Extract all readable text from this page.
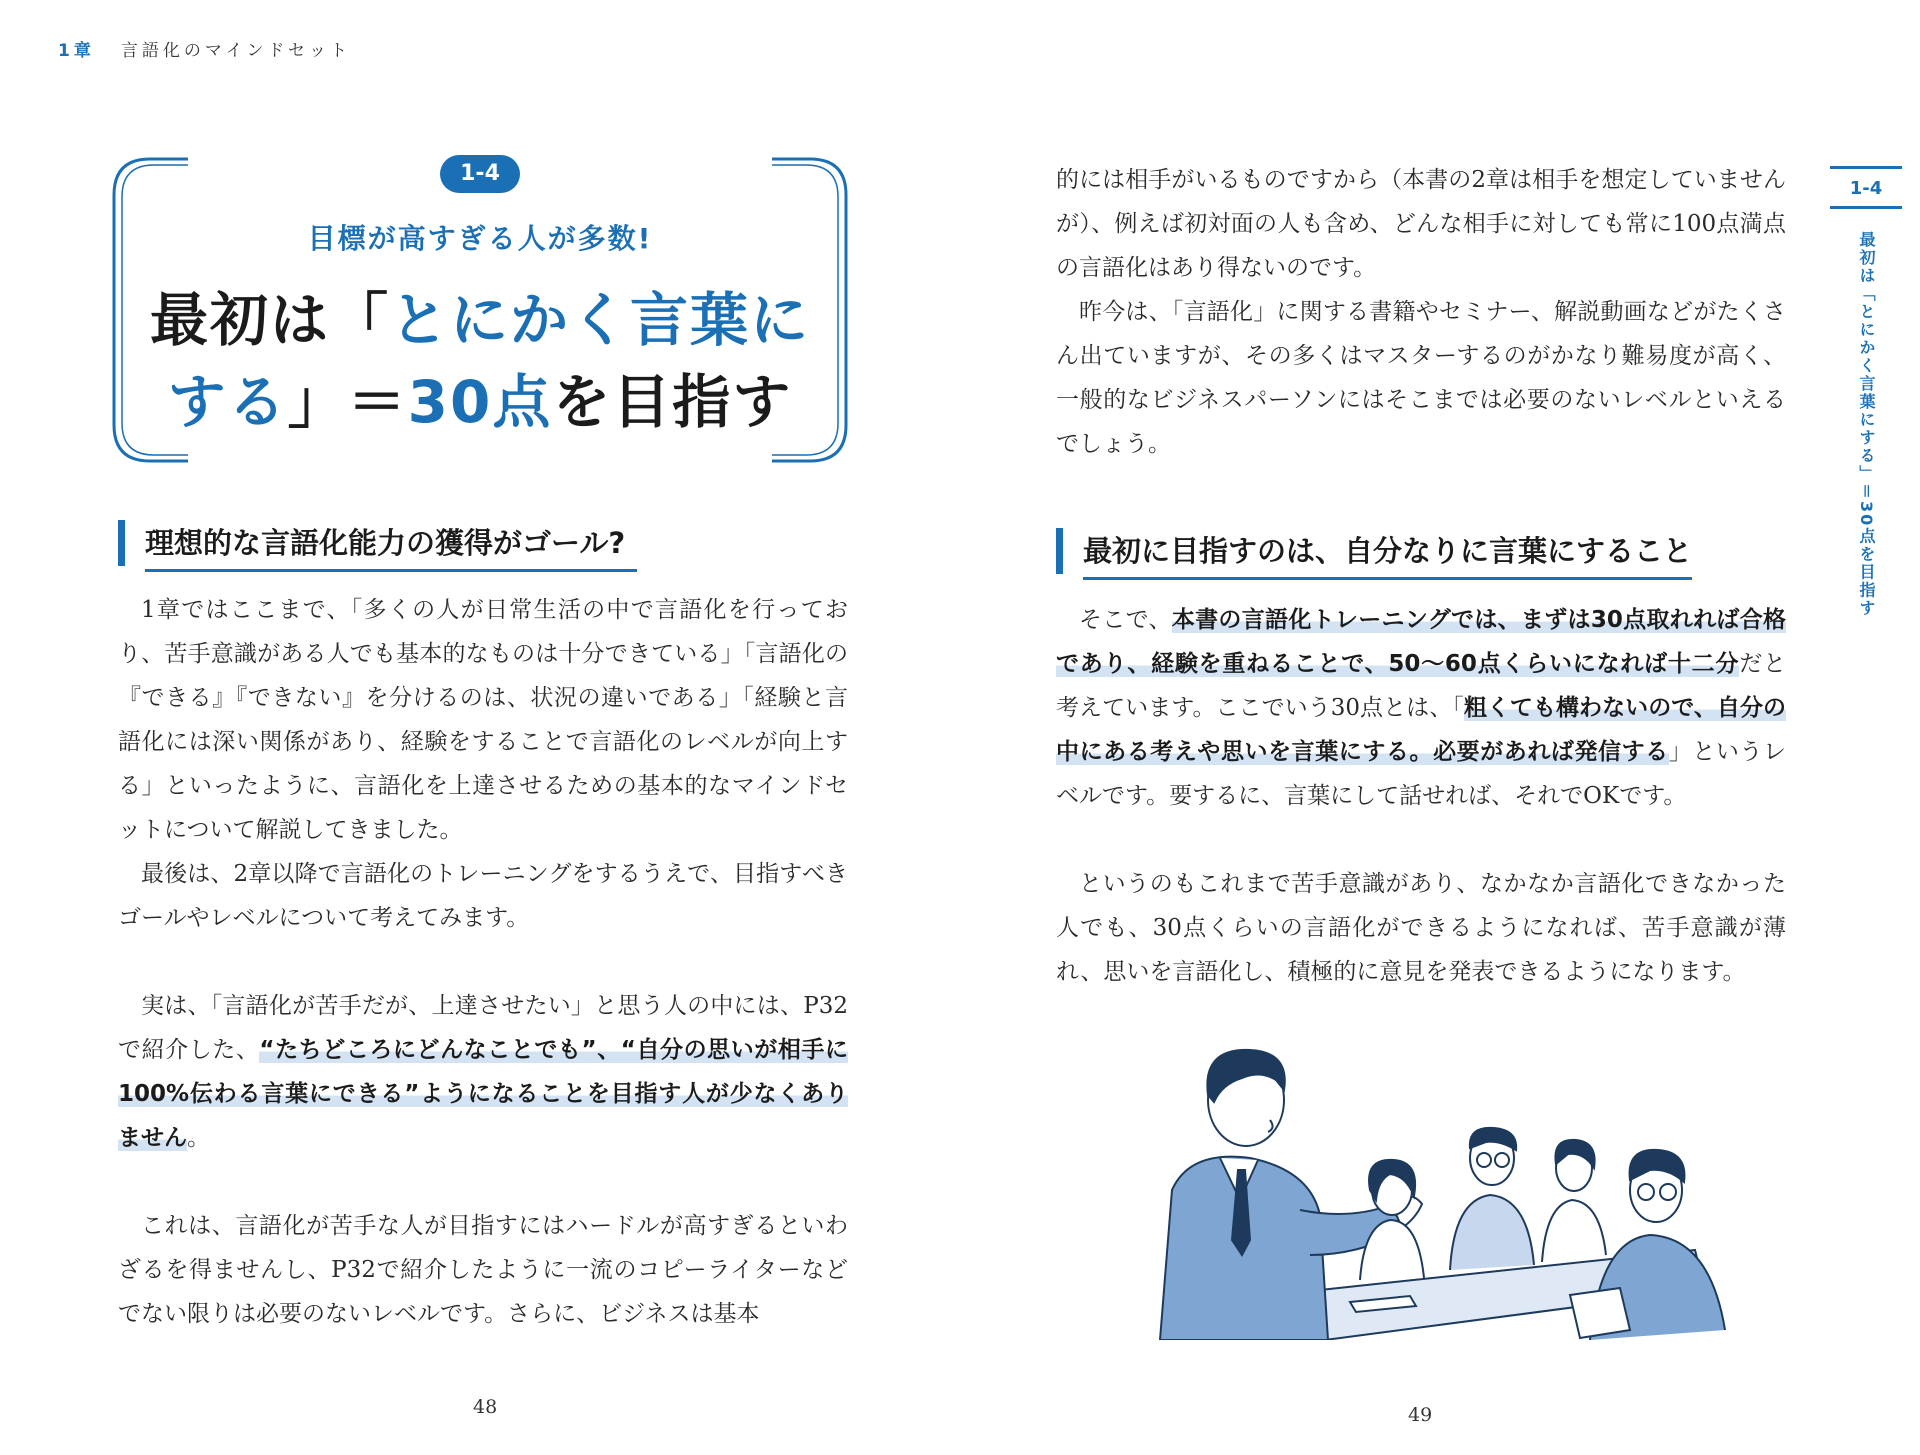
1章 言語化のマインドセット
1-4
目標が高すぎる人が多数!
最初は「とにかく言葉に
する」＝30点を目指す
理想的な言語化能力の獲得がゴール?

1章ではここまで、「多くの人が日常生活の中で言語化を行っており、苦手意識がある人でも基本的なものは十分できている」「言語化の『できる』『できない』を分けるのは、状況の違いである」「経験と言語化には深い関係があり、経験をすることで言語化のレベルが向上する」といったように、言語化を上達させるための基本的なマインドセットについて解説してきました。

最後は、2章以降で言語化のトレーニングをするうえで、目指すべきゴールやレベルについて考えてみます。

実は、「言語化が苦手だが、上達させたい」と思う人の中には、P32で紹介した、“たちどころにどんなことでも”、“自分の思いが相手に100%伝わる言葉にできる”ようになることを目指す人が少なくありません。

これは、言語化が苦手な人が目指すにはハードルが高すぎるといわざるを得ませんし、P32で紹介したように一流のコピーライターなどでない限りは必要のないレベルです。さらに、ビジネスは基本

48

的には相手がいるものですから（本書の2章は相手を想定していませんが）、例えば初対面の人も含め、どんな相手に対しても常に100点満点の言語化はあり得ないのです。

昨今は、「言語化」に関する書籍やセミナー、解説動画などがたくさん出ていますが、その多くはマスターするのがかなり難易度が高く、一般的なビジネスパーソンにはそこまでは必要のないレベルといえるでしょう。

最初に目指すのは、自分なりに言葉にすること

そこで、本書の言語化トレーニングでは、まずは30点取れれば合格であり、経験を重ねることで、50〜60点くらいになれば十二分だと考えています。ここでいう30点とは、「粗くても構わないので、自分の中にある考えや思いを言葉にする。必要があれば発信する」というレベルです。要するに、言葉にして話せれば、それでOKです。

というのもこれまで苦手意識があり、なかなか言語化できなかった人でも、30点くらいの言語化ができるようになれば、苦手意識が薄れ、思いを言語化し、積極的に意見を発表できるようになります。

49
1-4
最初は「とにかく言葉にする」＝30点を目指す
